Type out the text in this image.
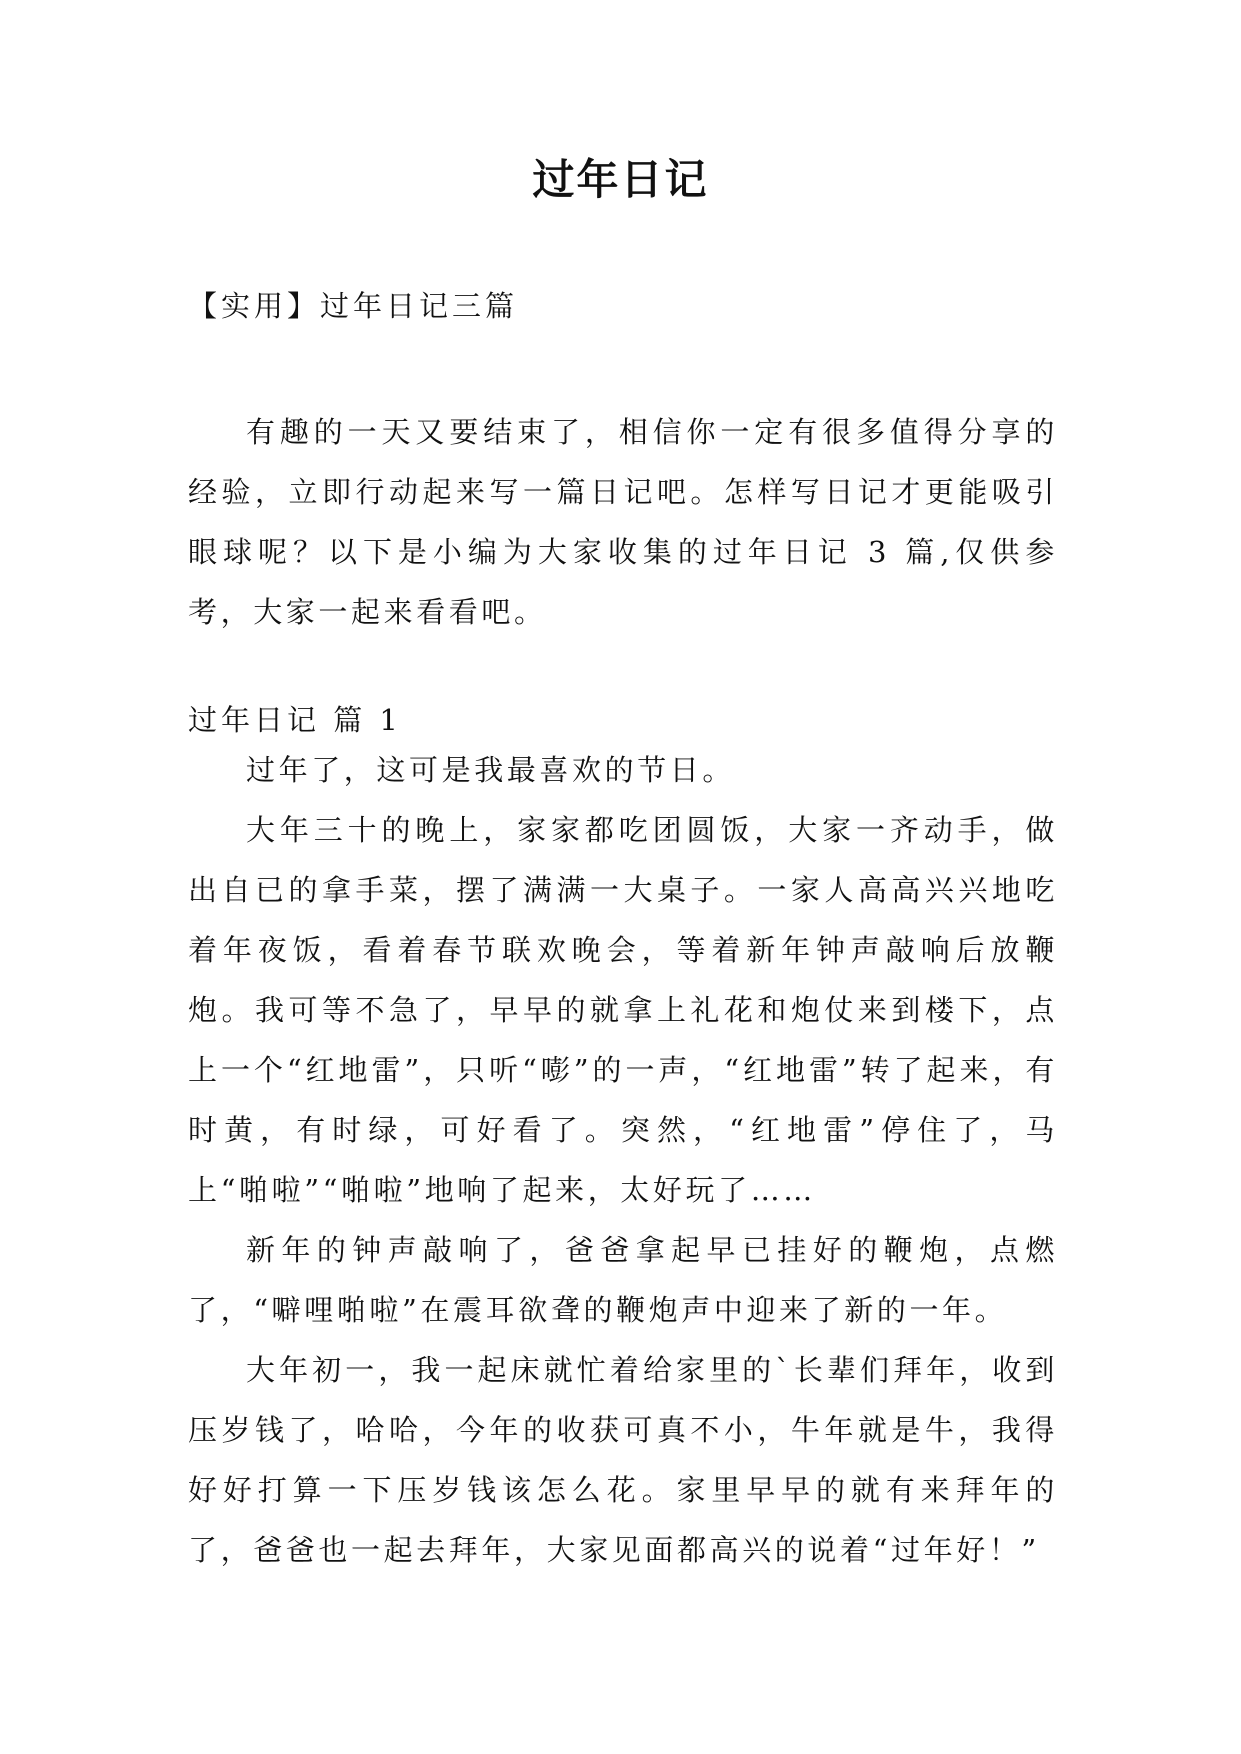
过年日记
【实用】过年日记三篇

有趣的一天又要结束了，相信你一定有很多值得分享的经验，立即行动起来写一篇日记吧。怎样写日记才更能吸引眼球呢？以下是小编为大家收集的过年日记 3 篇,仅供参考，大家一起来看看吧。

过年日记 篇 1

过年了，这可是我最喜欢的节日。

大年三十的晚上，家家都吃团圆饭，大家一齐动手，做出自已的拿手菜，摆了满满一大桌子。一家人高高兴兴地吃着年夜饭，看着春节联欢晚会，等着新年钟声敲响后放鞭炮。我可等不急了，早早的就拿上礼花和炮仗来到楼下，点上一个“红地雷”，只听“嘭”的一声，“红地雷”转了起来，有时黄，有时绿，可好看了。突然，“红地雷”停住了，马上“啪啦”“啪啦”地响了起来，太好玩了……

新年的钟声敲响了，爸爸拿起早已挂好的鞭炮，点燃了，“噼哩啪啦”在震耳欲聋的鞭炮声中迎来了新的一年。

大年初一，我一起床就忙着给家里的`长辈们拜年，收到压岁钱了，哈哈，今年的收获可真不小，牛年就是牛，我得好好打算一下压岁钱该怎么花。家里早早的就有来拜年的了，爸爸也一起去拜年，大家见面都高兴的说着“过年好！”
